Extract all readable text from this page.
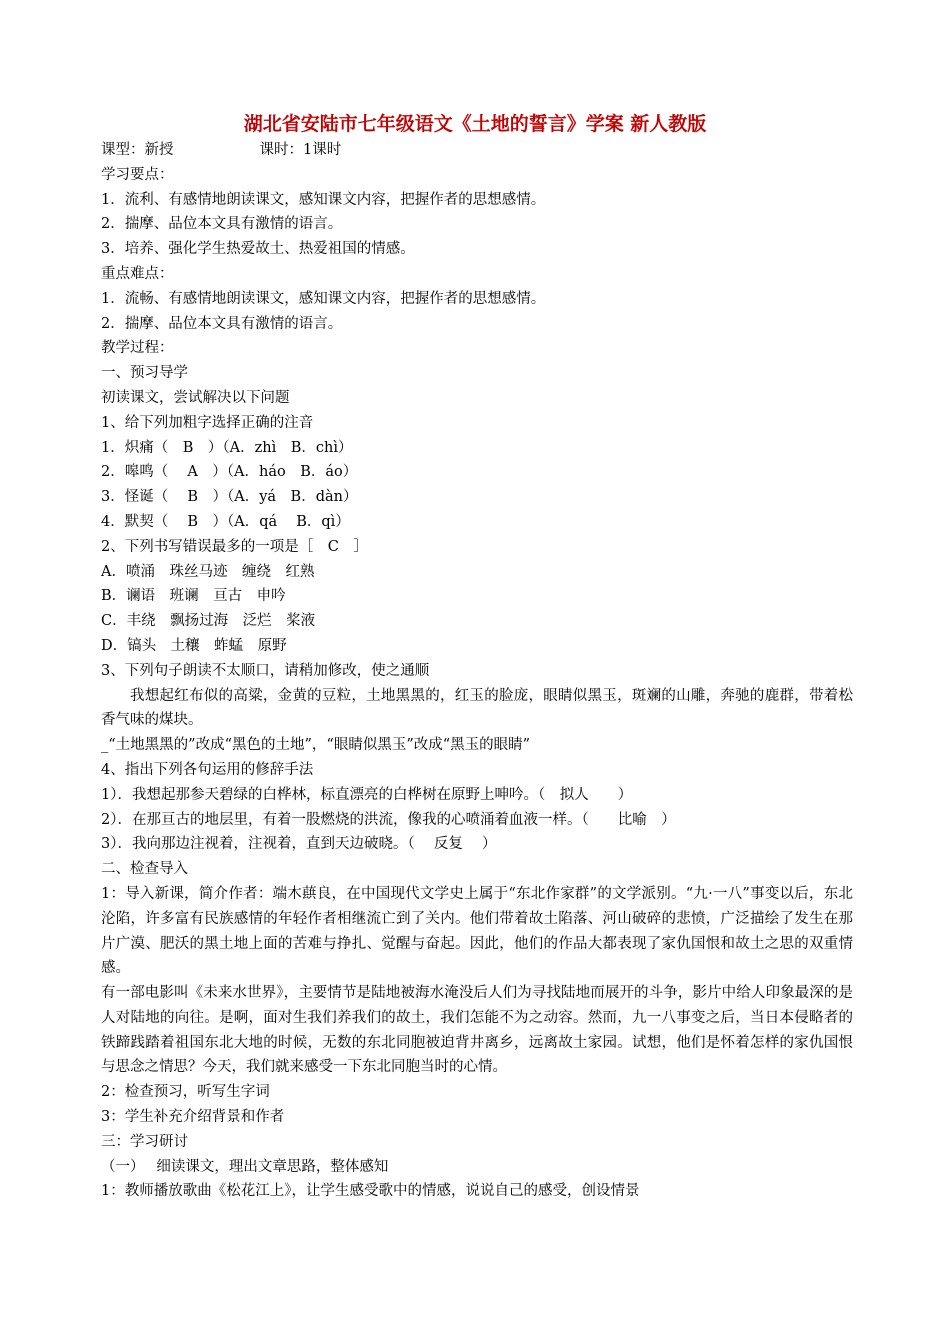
湖北省安陆市七年级语文《土地的誓言》学案 新人教版
课型：新授	课时：1课时
学习要点：
1．流利、有感情地朗读课文，感知课文内容，把握作者的思想感情。
2．揣摩、品位本文具有激情的语言。
3．培养、强化学生热爱故土、热爱祖国的情感。
重点难点：
1．流畅、有感情地朗读课文，感知课文内容，把握作者的思想感情。
2．揣摩、品位本文具有激情的语言。
教学过程：
一、预习导学
初读课文，尝试解决以下问题
1、给下列加粗字选择正确的注音
1．炽痛（　B　）（A．zhì　B．chì）
2．嗥鸣（　 A　）（A．háo　B．áo）
3．怪诞（　 B　）（A．yá　B．dàn）
4．默契（　 B　）（A．qá　 B．qì）
2、下列书写错误最多的一项是［　C　］
A．喷涌　珠丝马迹　缠绕　红熟
B．谰语　班谰　亘古　申吟
C．丰绕　飘扬过海　泛烂　桨液
D．镐头　土穰　蚱蜢　原野
3、下列句子朗读不太顺口，请稍加修改，使之通顺
我想起红布似的高粱，金黄的豆粒，土地黑黑的，红玉的脸庞，眼睛似黑玉，斑斓的山雕，奔驰的鹿群，带着松香气味的煤块。
_“土地黑黑的”改成“黑色的土地”，“眼睛似黑玉”改成“黑玉的眼睛”
4、指出下列各句运用的修辞手法
1）．我想起那参天碧绿的白桦林，标直漂亮的白桦树在原野上呻吟。（　拟人　　）
2）．在那亘古的地层里，有着一股燃烧的洪流，像我的心喷涌着血液一样。（　　比喻　）
3）．我向那边注视着，注视着，直到天边破晓。（　 反复　 ）
二、检查导入
1：导入新课，简介作者：端木蕻良，在中国现代文学史上属于“东北作家群”的文学派别。“九·一八”事变以后，东北沦陷，许多富有民族感情的年轻作者相继流亡到了关内。他们带着故土陷落、河山破碎的悲愤，广泛描绘了发生在那片广漠、肥沃的黑土地上面的苦难与挣扎、觉醒与奋起。因此，他们的作品大都表现了家仇国恨和故土之思的双重情感。
有一部电影叫《未来水世界》，主要情节是陆地被海水淹没后人们为寻找陆地而展开的斗争，影片中给人印象最深的是人对陆地的向往。是啊，面对生我们养我们的故土，我们怎能不为之动容。然而，九一八事变之后，当日本侵略者的铁蹄践踏着祖国东北大地的时候，无数的东北同胞被迫背井离乡，远离故土家园。试想，他们是怀着怎样的家仇国恨与思念之情思？今天，我们就来感受一下东北同胞当时的心情。
2：检查预习，听写生字词
3：学生补充介绍背景和作者
三：学习研讨
（一）　 细读课文，理出文章思路，整体感知
1：教师播放歌曲《松花江上》，让学生感受歌中的情感，说说自己的感受，创设情景
